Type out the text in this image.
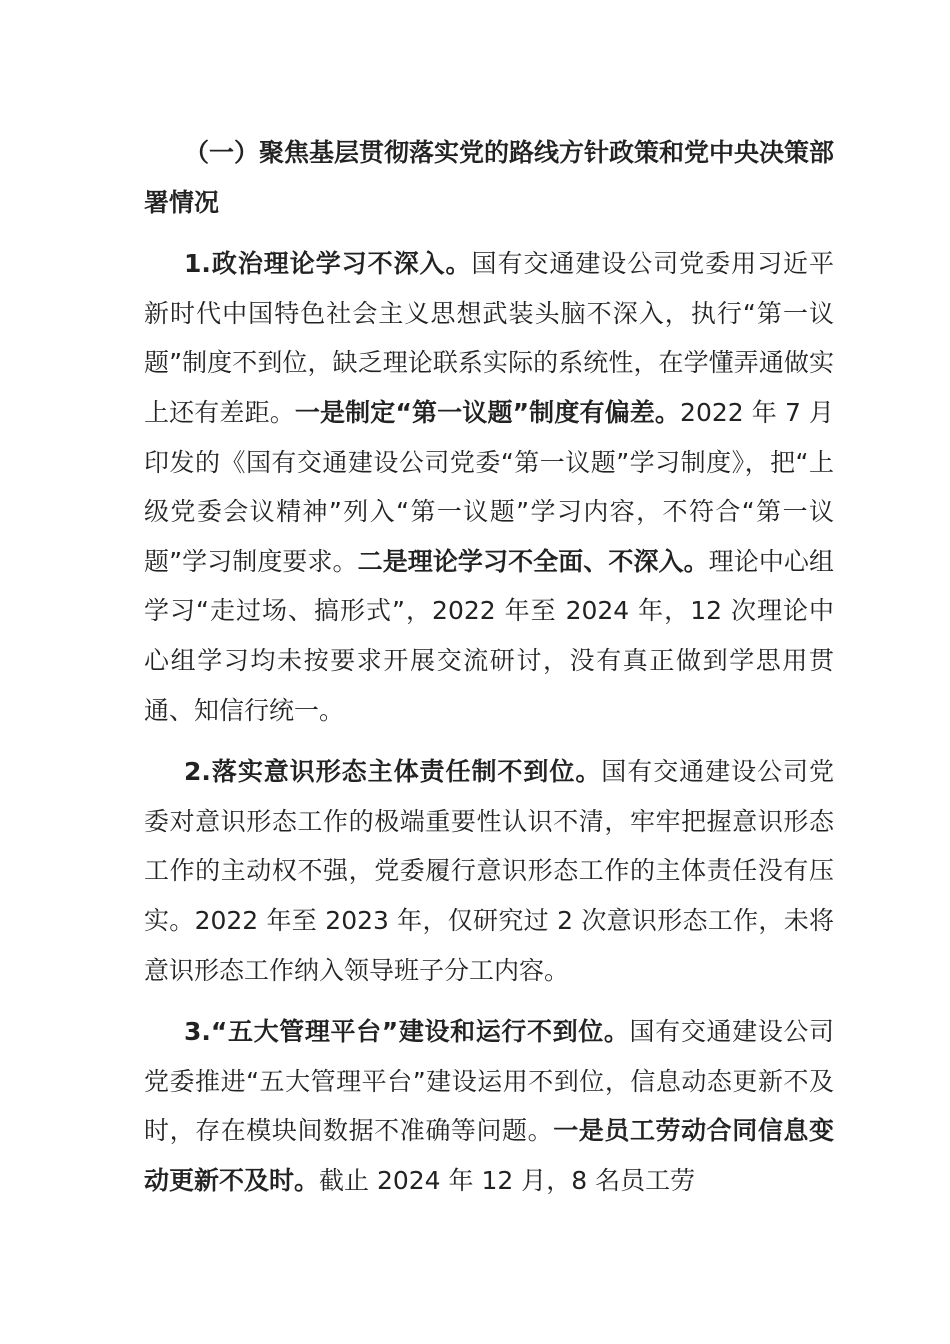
（一）聚焦基层贯彻落实党的路线方针政策和党中央决策部署情况

1.政治理论学习不深入。国有交通建设公司党委用习近平新时代中国特色社会主义思想武装头脑不深入，执行“第一议题”制度不到位，缺乏理论联系实际的系统性，在学懂弄通做实上还有差距。一是制定“第一议题”制度有偏差。2022 年 7 月印发的《国有交通建设公司党委“第一议题”学习制度》，把“上级党委会议精神”列入“第一议题”学习内容，不符合“第一议题”学习制度要求。二是理论学习不全面、不深入。理论中心组学习“走过场、搞形式”，2022 年至 2024 年，12 次理论中心组学习均未按要求开展交流研讨，没有真正做到学思用贯通、知信行统一。

2.落实意识形态主体责任制不到位。国有交通建设公司党委对意识形态工作的极端重要性认识不清，牢牢把握意识形态工作的主动权不强，党委履行意识形态工作的主体责任没有压实。2022 年至 2023 年，仅研究过 2 次意识形态工作，未将意识形态工作纳入领导班子分工内容。

3.“五大管理平台”建设和运行不到位。国有交通建设公司党委推进“五大管理平台”建设运用不到位，信息动态更新不及时，存在模块间数据不准确等问题。一是员工劳动合同信息变动更新不及时。截止 2024 年 12 月，8 名员工劳
